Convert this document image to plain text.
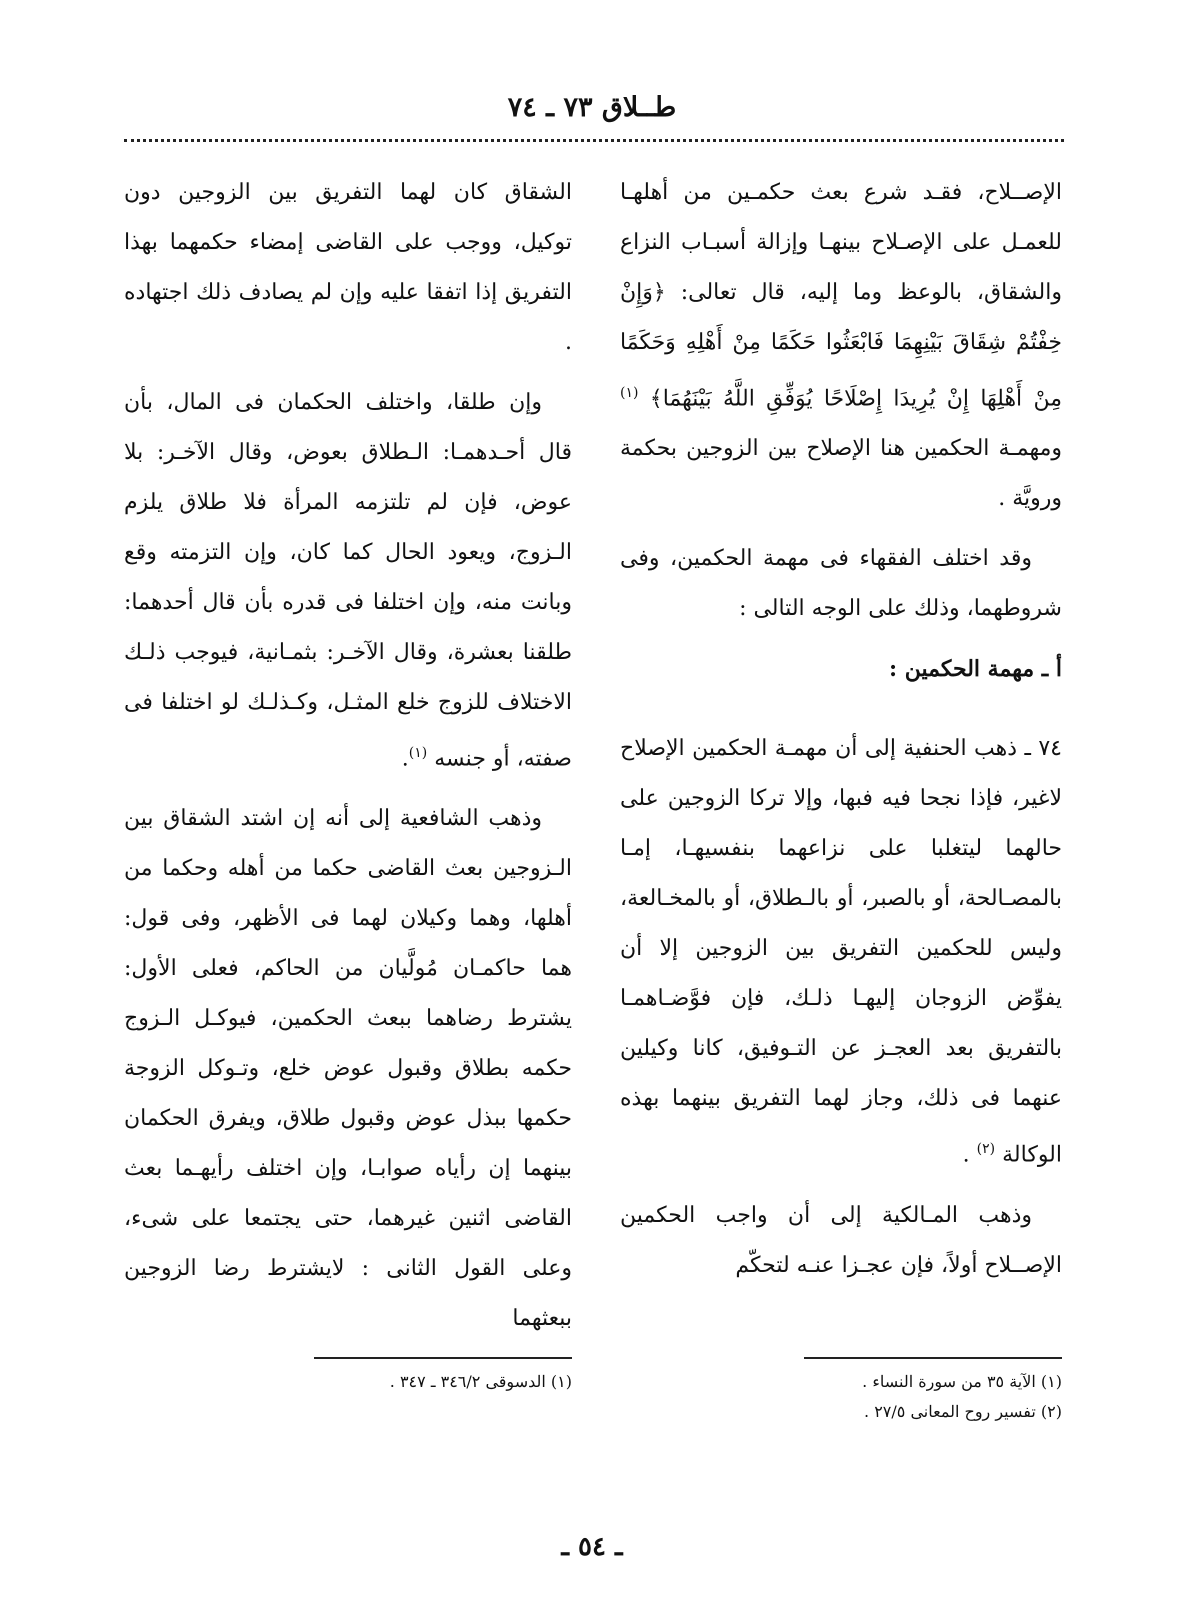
طــلاق ٧٣ ـ ٧٤

الإصــلاح، فقـد شرع بعث حكمـين من أهلهـا للعمـل على الإصـلاح بينهـا وإزالة أسبـاب النزاع والشقاق، بالوعظ وما إليه، قال تعالى: ﴿وَإِنْ خِفْتُمْ شِقَاقَ بَيْنِهِمَا فَابْعَثُوا حَكَمًا مِنْ أَهْلِهِ وَحَكَمًا مِنْ أَهْلِهَا إِنْ يُرِيدَا إِصْلَاحًا يُوَفِّقِ اللَّهُ بَيْنَهُمَا﴾ $^{(١)}$ ومهمـة الحكمين هنا الإصلاح بين الزوجين بحكمة ورويَّة .

وقد اختلف الفقهاء فى مهمة الحكمين، وفى شروطهما، وذلك على الوجه التالى :

أ ـ مهمة الحكمين :

٧٤ ـ ذهب الحنفية إلى أن مهمـة الحكمين الإصلاح لاغير، فإذا نجحا فيه فبها، وإلا تركا الزوجين على حالهما ليتغلبا على نزاعهما بنفسيهـا، إمـا بالمصـالحة، أو بالصبر، أو بالـطلاق، أو بالمخـالعة، وليس للحكمين التفريق بين الزوجين إلا أن يفوِّض الزوجان إليهـا ذلـك، فإن فوَّضـاهمـا بالتفريق بعد العجـز عن التـوفيق، كانا وكيلين عنهما فى ذلك، وجاز لهما التفريق بينهما بهذه الوكالة $^{(٢)}$ .

وذهب المـالكية إلى أن واجب الحكمين الإصــلاح أولاً، فإن عجـزا عنـه لتحكّم

الشقاق كان لهما التفريق بين الزوجين دون توكيل، ووجب على القاضى إمضاء حكمهما بهذا التفريق إذا اتفقا عليه وإن لم يصادف ذلك اجتهاده .

وإن طلقا، واختلف الحكمان فى المال، بأن قال أحـدهمـا: الـطلاق بعوض، وقال الآخـر: بلا عوض، فإن لم تلتزمه المرأة فلا طلاق يلزم الـزوج، ويعود الحال كما كان، وإن التزمته وقع وبانت منه، وإن اختلفا فى قدره بأن قال أحدهما: طلقنا بعشرة، وقال الآخـر: بثمـانية، فيوجب ذلـك الاختلاف للزوج خلع المثـل، وكـذلـك لو اختلفا فى صفته، أو جنسه $^{(١)}$.

وذهب الشافعية إلى أنه إن اشتد الشقاق بين الـزوجين بعث القاضى حكما من أهله وحكما من أهلها، وهما وكيلان لهما فى الأظهر، وفى قول: هما حاكمـان مُولَّيان من الحاكم، فعلى الأول: يشترط رضاهما ببعث الحكمين، فيوكـل الـزوج حكمه بطلاق وقبول عوض خلع، وتـوكل الزوجة حكمها ببذل عوض وقبول طلاق، ويفرق الحكمان بينهما إن رأياه صوابـا، وإن اختلف رأيهـما بعث القاضى اثنين غيرهما، حتى يجتمعا على شىء، وعلى القول الثانى : لايشترط رضا الزوجين ببعثهما

(١) الآية ٣٥ من سورة النساء .
(٢) تفسير روح المعانى ٢٧/٥ .
(١) الدسوقى ٣٤٦/٢ ـ ٣٤٧ .
ـ ٥٤ ـ
